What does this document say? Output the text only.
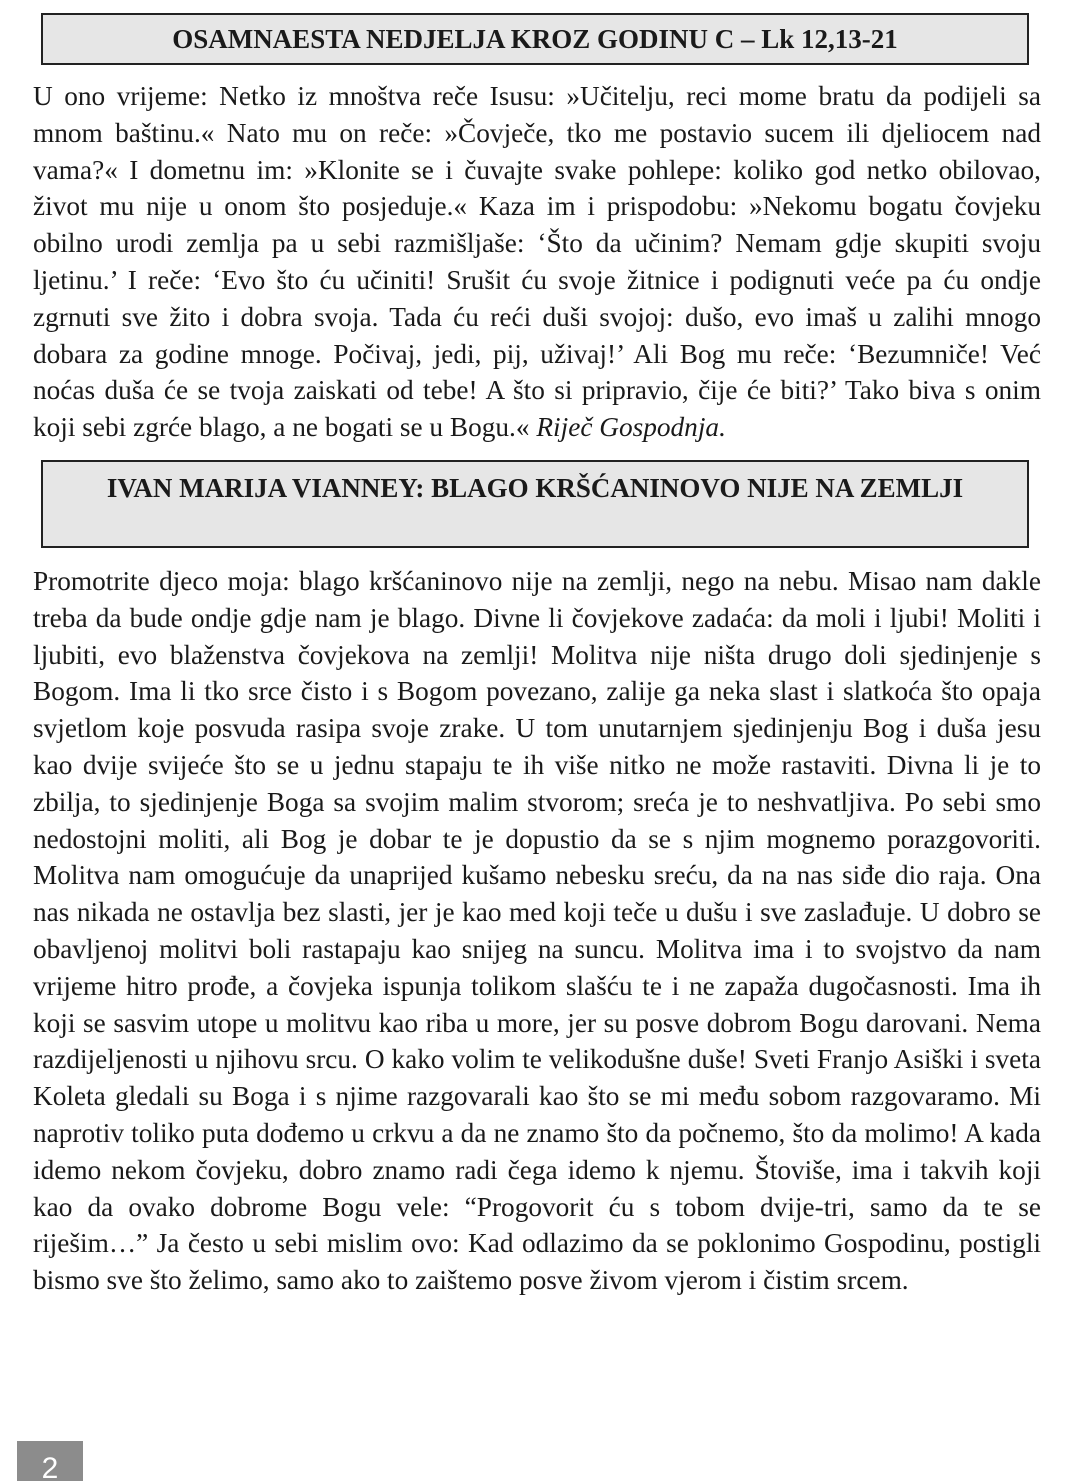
OSAMNAESTA NEDJELJA KROZ GODINU C – Lk 12,13-21

U ono vrijeme: Netko iz mnoštva reče Isusu: »Učitelju, reci mome bratu da podijeli sa mnom baštinu.« Nato mu on reče: »Čovječe, tko me postavio sucem ili djeliocem nad vama?« I dometnu im: »Klonite se i čuvajte svake pohlepe: koliko god netko obilovao, život mu nije u onom što posjeduje.« Kaza im i prispodobu: »Nekomu bogatu čovjeku obilno urodi zemlja pa u sebi razmišljaše: ‘Što da učinim? Nemam gdje skupiti svoju ljetinu.’ I reče: ‘Evo što ću učiniti! Srušit ću svoje žitnice i podignuti veće pa ću ondje zgrnuti sve žito i dobra svoja. Tada ću reći duši svojoj: dušo, evo imaš u zalihi mnogo dobara za godine mnoge. Počivaj, jedi, pij, uživaj!’ Ali Bog mu reče: ‘Bezumniče! Već noćas duša će se tvoja zaiskati od tebe! A što si pripravio, čije će biti?’ Tako biva s onim koji sebi zgrće blago, a ne bogati se u Bogu.« Riječ Gospodnja.

IVAN MARIJA VIANNEY: BLAGO KRŠĆANINOVO NIJE NA ZEMLJI

Promotrite djeco moja: blago kršćaninovo nije na zemlji, nego na nebu. Misao nam dakle treba da bude ondje gdje nam je blago. Divne li čovjekove zadaća: da moli i ljubi! Moliti i ljubiti, evo blaženstva čovjekova na zemlji! Molitva nije ništa drugo doli sjedinjenje s Bogom. Ima li tko srce čisto i s Bogom povezano, zalije ga neka slast i slatkoća što opaja svjetlom koje posvuda rasipa svoje zrake. U tom unutarnjem sjedinjenju Bog i duša jesu kao dvije svijeće što se u jednu stapaju te ih više nitko ne može rastaviti. Divna li je to zbilja, to sjedinjenje Boga sa svojim malim stvorom; sreća je to neshvatljiva. Po sebi smo nedostojni moliti, ali Bog je dobar te je dopustio da se s njim mognemo porazgovoriti. Molitva nam omogućuje da unaprijed kušamo nebesku sreću, da na nas siđe dio raja. Ona nas nikada ne ostavlja bez slasti, jer je kao med koji teče u dušu i sve zaslađuje. U dobro se obavljenoj molitvi boli rastapaju kao snijeg na suncu. Molitva ima i to svojstvo da nam vrijeme hitro prođe, a čovjeka ispunja tolikom slašću te i ne zapaža dugočasnosti. Ima ih koji se sasvim utope u molitvu kao riba u more, jer su posve dobrom Bogu darovani. Nema razdijeljenosti u njihovu srcu. O kako volim te velikodušne duše! Sveti Franjo Asiški i sveta Koleta gledali su Boga i s njime razgovarali kao što se mi među sobom razgovaramo. Mi naprotiv toliko puta dođemo u crkvu a da ne znamo što da počnemo, što da molimo! A kada idemo nekom čovjeku, dobro znamo radi čega idemo k njemu. Štoviše, ima i takvih koji kao da ovako dobrome Bogu vele: “Progovorit ću s tobom dvije-tri, samo da te se riješim…” Ja često u sebi mislim ovo: Kad odlazimo da se poklonimo Gospodinu, postigli bismo sve što želimo, samo ako to zaištemo posve živom vjerom i čistim srcem.

2
